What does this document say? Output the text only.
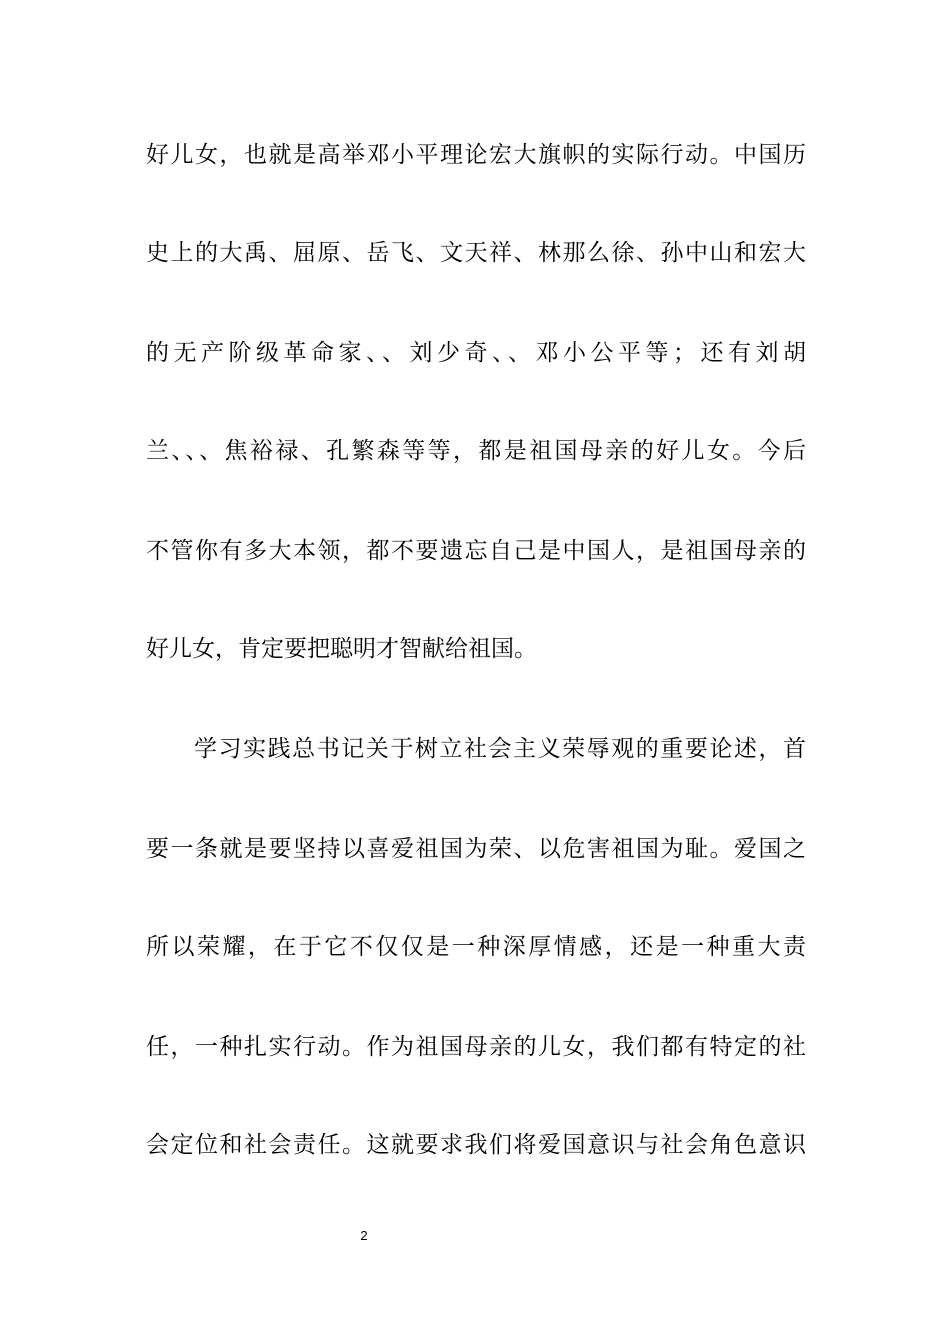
好儿女，也就是高举邓小平理论宏大旗帜的实际行动。中国历
史上的大禹、屈原、岳飞、文天祥、林那么徐、孙中山和宏大
的无产阶级革命家、、刘少奇、、邓小公平等；还有刘胡
兰、、、焦裕禄、孔繁森等等，都是祖国母亲的好儿女。今后
不管你有多大本领，都不要遗忘自己是中国人，是祖国母亲的
好儿女，肯定要把聪明才智献给祖国。
学习实践总书记关于树立社会主义荣辱观的重要论述，首
要一条就是要坚持以喜爱祖国为荣、以危害祖国为耻。爱国之
所以荣耀，在于它不仅仅是一种深厚情感，还是一种重大责
任，一种扎实行动。作为祖国母亲的儿女，我们都有特定的社
会定位和社会责任。这就要求我们将爱国意识与社会角色意识
2
